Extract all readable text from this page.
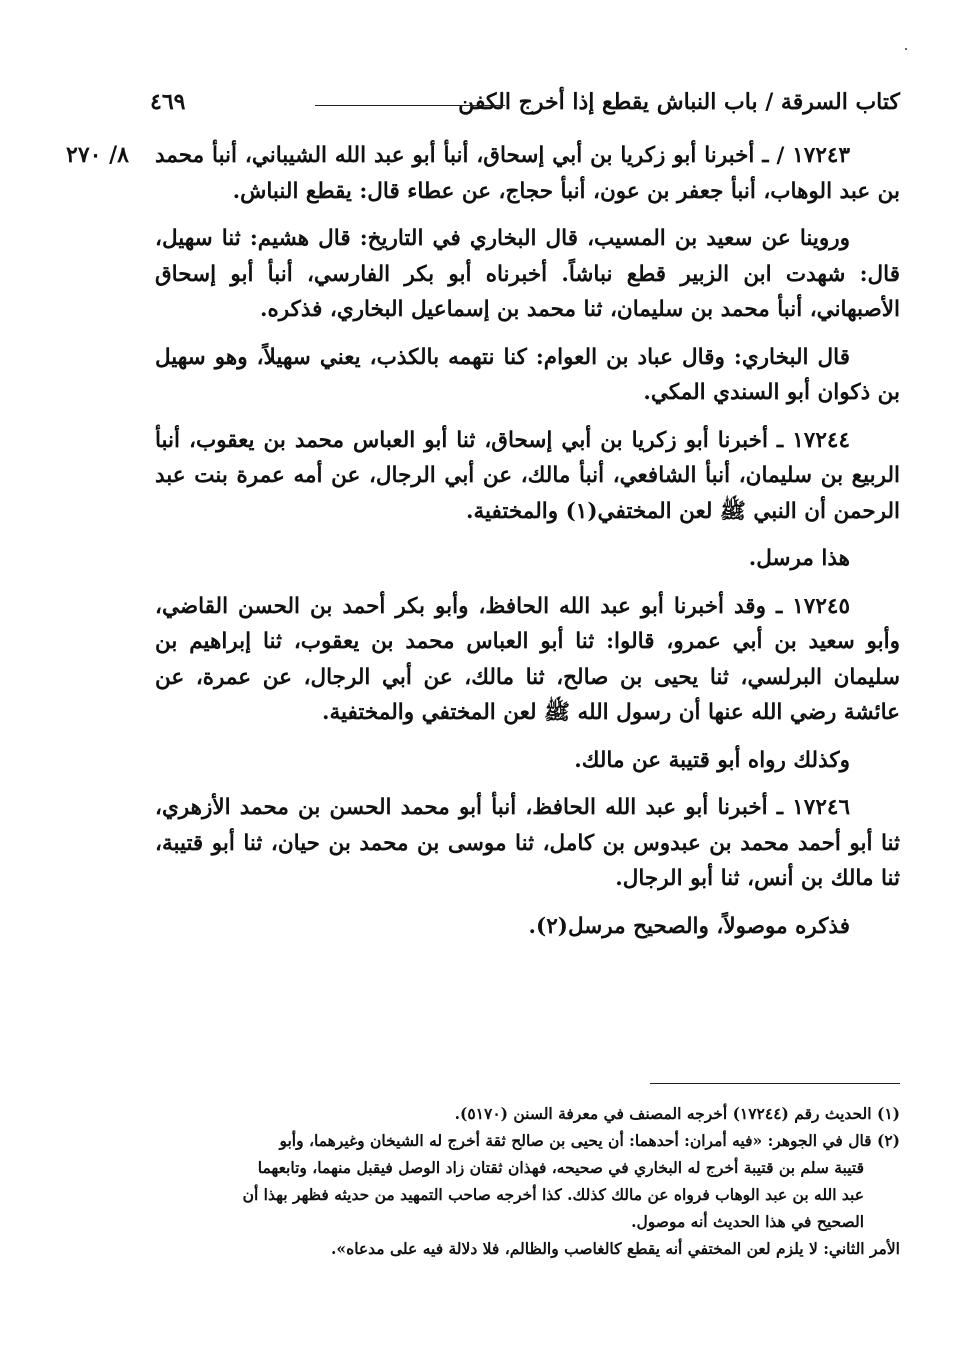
كتاب السرقة / باب النباش يقطع إذا أخرج الكفن
٤٦٩
٨/ ٢٧٠ ١٧٢٤٣ / ـ أخبرنا أبو زكريا بن أبي إسحاق، أنبأ أبو عبد الله الشيباني، أنبأ محمد بن عبد الوهاب، أنبأ جعفر بن عون، أنبأ حجاج، عن عطاء قال: يقطع النباش.

وروينا عن سعيد بن المسيب، قال البخاري في التاريخ: قال هشيم: ثنا سهيل، قال: شهدت ابن الزبير قطع نباشاً. أخبرناه أبو بكر الفارسي، أنبأ أبو إسحاق الأصبهاني، أنبأ محمد بن سليمان، ثنا محمد بن إسماعيل البخاري، فذكره.

قال البخاري: وقال عباد بن العوام: كنا نتهمه بالكذب، يعني سهيلاً، وهو سهيل بن ذكوان أبو السندي المكي.

١٧٢٤٤ ـ أخبرنا أبو زكريا بن أبي إسحاق، ثنا أبو العباس محمد بن يعقوب، أنبأ الربيع بن سليمان، أنبأ الشافعي، أنبأ مالك، عن أبي الرجال، عن أمه عمرة بنت عبد الرحمن أن النبي ﷺ لعن المختفي(١) والمختفية.

هذا مرسل.

١٧٢٤٥ ـ وقد أخبرنا أبو عبد الله الحافظ، وأبو بكر أحمد بن الحسن القاضي، وأبو سعيد بن أبي عمرو، قالوا: ثنا أبو العباس محمد بن يعقوب، ثنا إبراهيم بن سليمان البرلسي، ثنا يحيى بن صالح، ثنا مالك، عن أبي الرجال، عن عمرة، عن عائشة رضي الله عنها أن رسول الله ﷺ لعن المختفي والمختفية.

وكذلك رواه أبو قتيبة عن مالك.

١٧٢٤٦ ـ أخبرنا أبو عبد الله الحافظ، أنبأ أبو محمد الحسن بن محمد الأزهري، ثنا أبو أحمد محمد بن عبدوس بن كامل، ثنا موسى بن محمد بن حيان، ثنا أبو قتيبة، ثنا مالك بن أنس، ثنا أبو الرجال.

فذكره موصولاً، والصحيح مرسل(٢).

(١) الحديث رقم (١٧٢٤٤) أخرجه المصنف في معرفة السنن (٥١٧٠).

(٢) قال في الجوهر: «فيه أمران: أحدهما: أن يحيى بن صالح ثقة أخرج له الشيخان وغيرهما، وأبو

قتيبة سلم بن قتيبة أخرج له البخاري في صحيحه، فهذان ثقتان زاد الوصل فيقبل منهما، وتابعهما

عبد الله بن عبد الوهاب فرواه عن مالك كذلك. كذا أخرجه صاحب التمهيد من حديثه فظهر بهذا أن

الصحيح في هذا الحديث أنه موصول.

الأمر الثاني: لا يلزم لعن المختفي أنه يقطع كالغاصب والظالم، فلا دلالة فيه على مدعاه».
